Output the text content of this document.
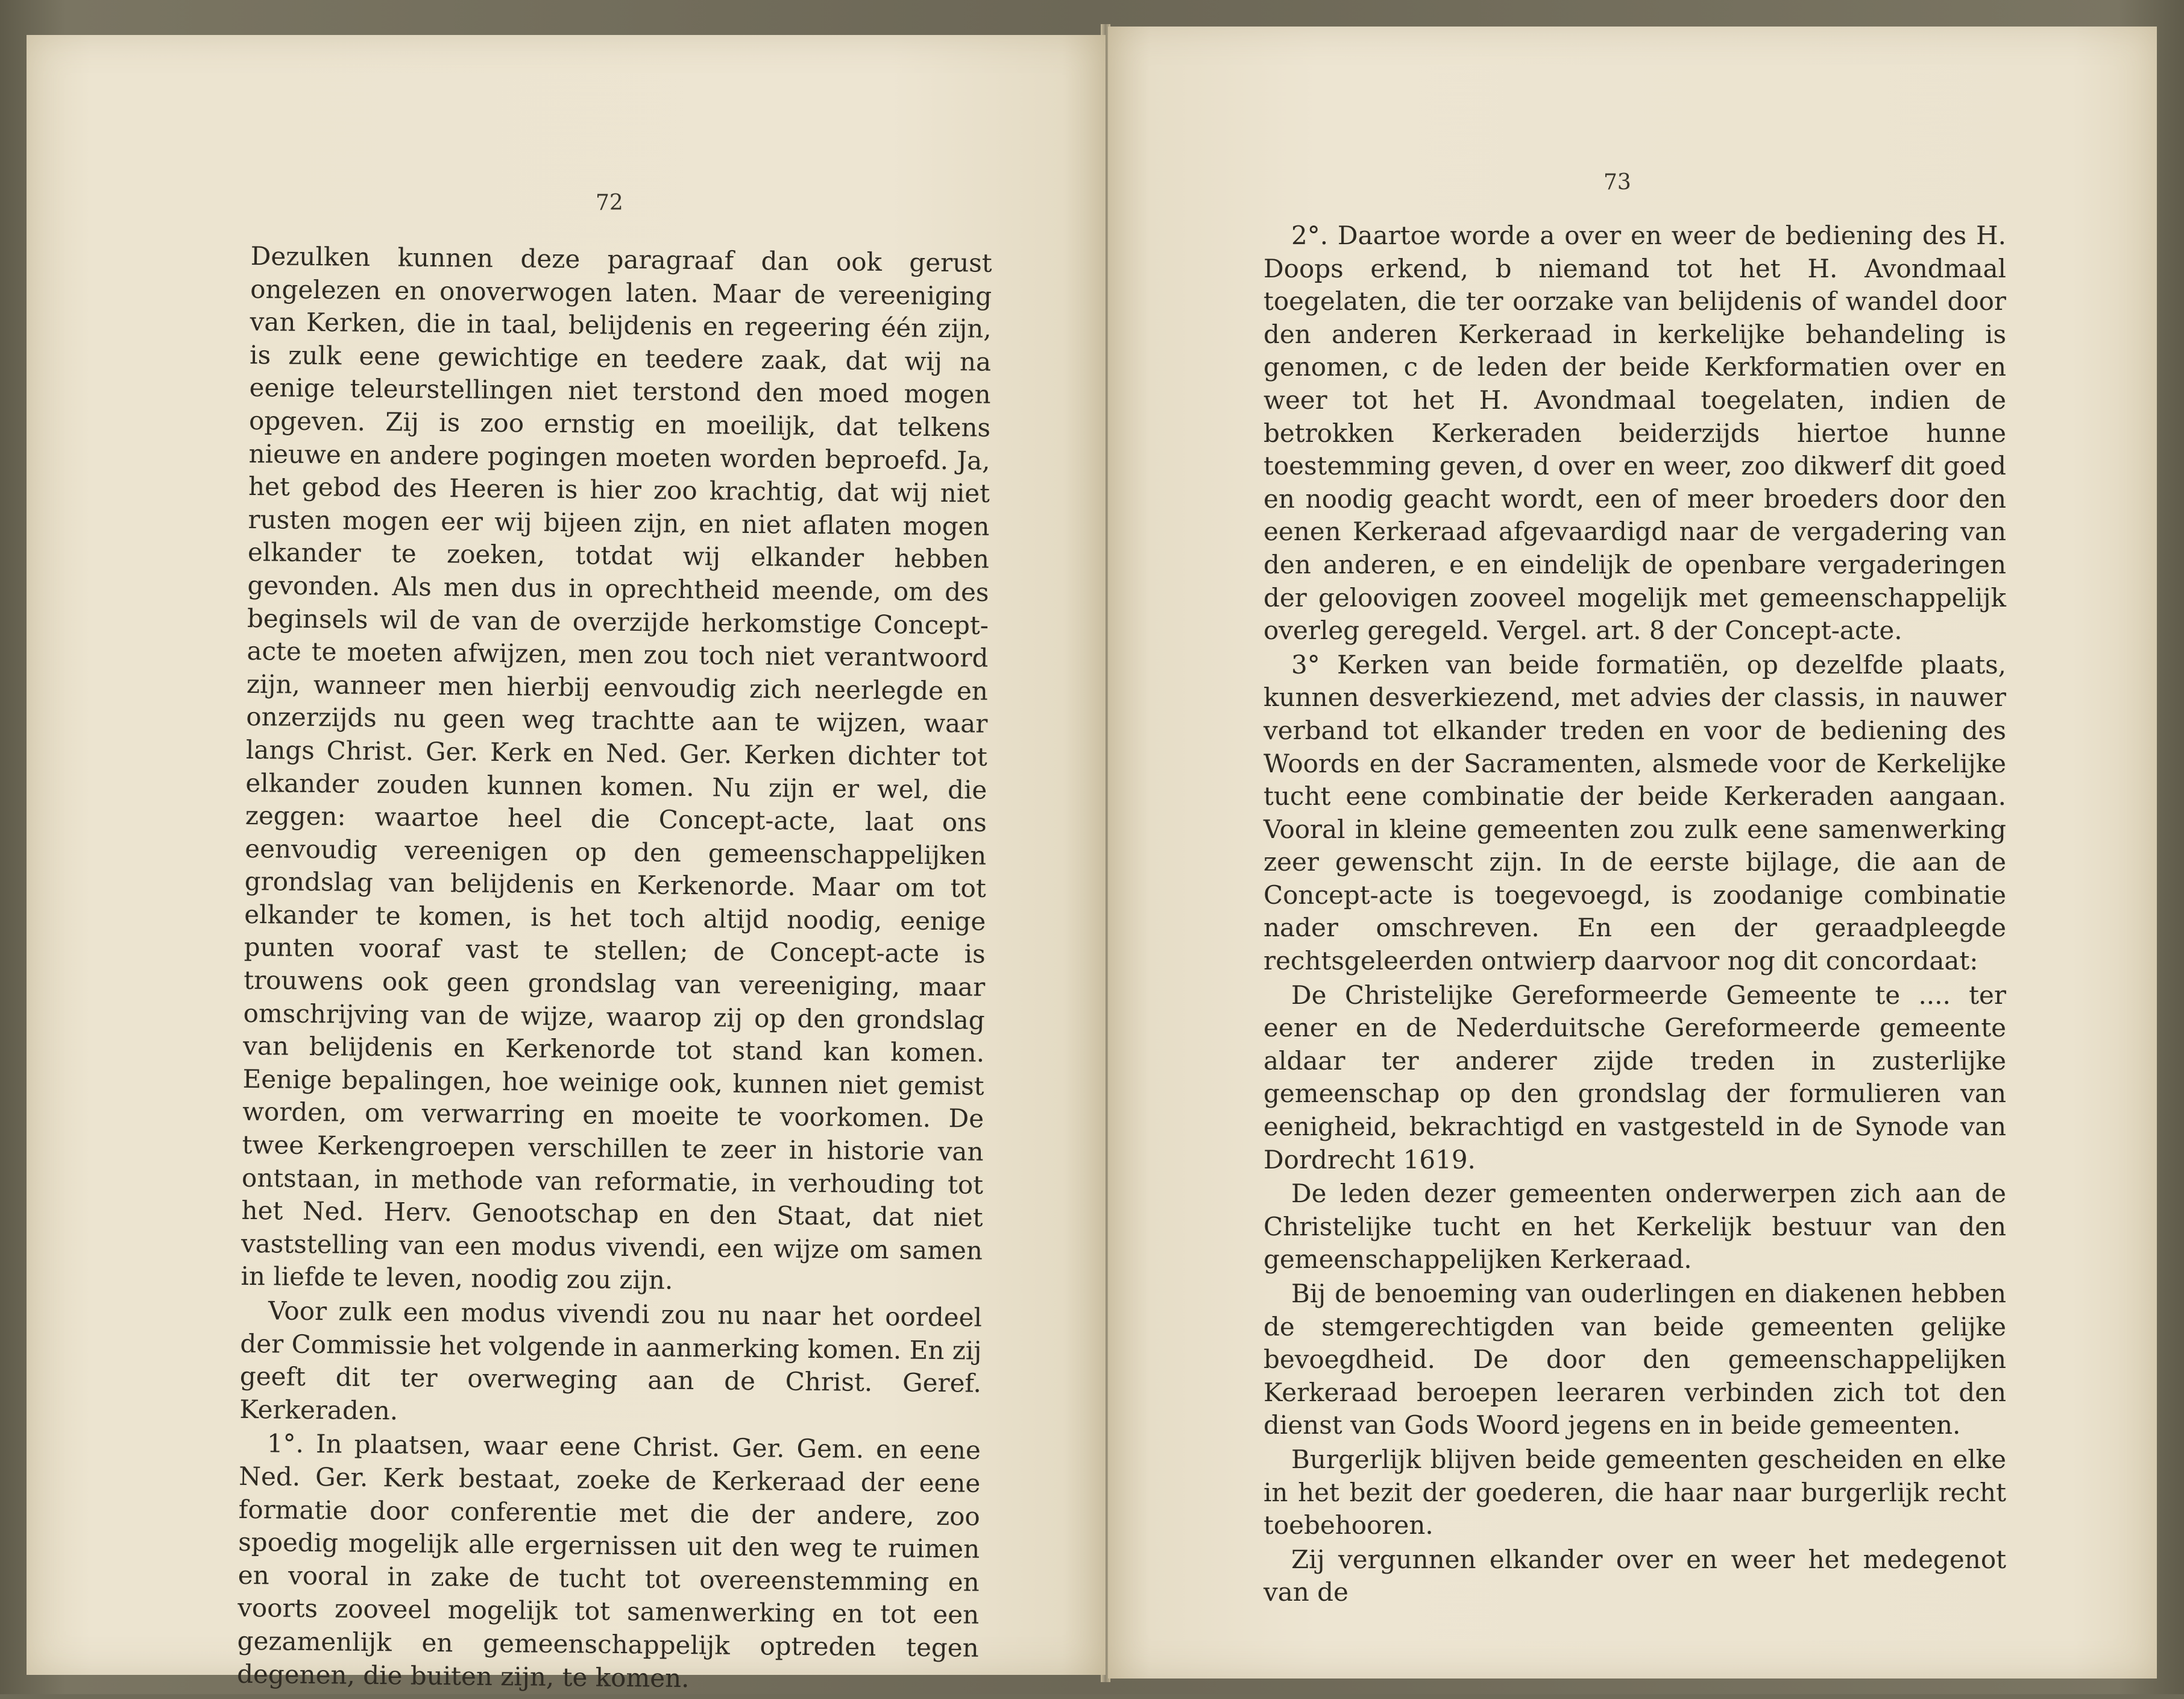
72

Dezulken kunnen deze paragraaf dan ook gerust ongelezen en onoverwogen laten. Maar de vereeniging van Kerken, die in taal, belijdenis en regeering één zijn, is zulk eene gewichtige en teedere zaak, dat wij na eenige teleurstellingen niet terstond den moed mogen opgeven. Zij is zoo ernstig en moeilijk, dat telkens nieuwe en andere pogingen moeten worden beproefd. Ja, het gebod des Heeren is hier zoo krachtig, dat wij niet rusten mogen eer wij bijeen zijn, en niet aflaten mogen elkander te zoeken, totdat wij elkander hebben gevonden. Als men dus in oprechtheid meende, om des beginsels wil de van de overzijde herkomstige Concept-acte te moeten afwijzen, men zou toch niet verantwoord zijn, wanneer men hierbij eenvoudig zich neerlegde en onzerzijds nu geen weg trachtte aan te wijzen, waar langs Christ. Ger. Kerk en Ned. Ger. Kerken dichter tot elkander zouden kunnen komen. Nu zijn er wel, die zeggen: waartoe heel die Concept-acte, laat ons eenvoudig vereenigen op den gemeenschappelijken grondslag van belijdenis en Kerkenorde. Maar om tot elkander te komen, is het toch altijd noodig, eenige punten vooraf vast te stellen; de Concept-acte is trouwens ook geen grondslag van vereeniging, maar omschrijving van de wijze, waarop zij op den grondslag van belijdenis en Kerkenorde tot stand kan komen. Eenige bepalingen, hoe weinige ook, kunnen niet gemist worden, om verwarring en moeite te voorkomen. De twee Kerkengroepen verschillen te zeer in historie van ontstaan, in methode van reformatie, in verhouding tot het Ned. Herv. Genootschap en den Staat, dat niet vaststelling van een modus vivendi, een wijze om samen in liefde te leven, noodig zou zijn.

Voor zulk een modus vivendi zou nu naar het oordeel der Commissie het volgende in aanmerking komen. En zij geeft dit ter overweging aan de Christ. Geref. Kerkeraden.

1°. In plaatsen, waar eene Christ. Ger. Gem. en eene Ned. Ger. Kerk bestaat, zoeke de Kerkeraad der eene formatie door conferentie met die der andere, zoo spoedig mogelijk alle ergernissen uit den weg te ruimen en vooral in zake de tucht tot overeenstemming en voorts zooveel mogelijk tot samenwerking en tot een gezamenlijk en gemeenschappelijk optreden tegen degenen, die buiten zijn, te komen.

73

2°. Daartoe worde a over en weer de bediening des H. Doops erkend, b niemand tot het H. Avondmaal toegelaten, die ter oorzake van belijdenis of wandel door den anderen Kerkeraad in kerkelijke behandeling is genomen, c de leden der beide Kerkformatien over en weer tot het H. Avondmaal toegelaten, indien de betrokken Kerkeraden beiderzijds hiertoe hunne toestemming geven, d over en weer, zoo dikwerf dit goed en noodig geacht wordt, een of meer broeders door den eenen Kerkeraad afgevaardigd naar de vergadering van den anderen, e en eindelijk de openbare vergaderingen der geloovigen zooveel mogelijk met gemeenschappelijk overleg geregeld. Vergel. art. 8 der Concept-acte.

3° Kerken van beide formatiën, op dezelfde plaats, kunnen desverkiezend, met advies der classis, in nauwer verband tot elkander treden en voor de bediening des Woords en der Sacramenten, alsmede voor de Kerkelijke tucht eene combinatie der beide Kerkeraden aangaan. Vooral in kleine gemeenten zou zulk eene samenwerking zeer gewenscht zijn. In de eerste bijlage, die aan de Concept-acte is toegevoegd, is zoodanige combinatie nader omschreven. En een der geraadpleegde rechtsgeleerden ontwierp daarvoor nog dit concordaat:

De Christelijke Gereformeerde Gemeente te .... ter eener en de Nederduitsche Gereformeerde gemeente aldaar ter anderer zijde treden in zusterlijke gemeenschap op den grondslag der formulieren van eenigheid, bekrachtigd en vastgesteld in de Synode van Dordrecht 1619.

De leden dezer gemeenten onderwerpen zich aan de Christelijke tucht en het Kerkelijk bestuur van den gemeenschappelijken Kerkeraad.

Bij de benoeming van ouderlingen en diakenen hebben de stemgerechtigden van beide gemeenten gelijke bevoegdheid. De door den gemeenschappelijken Kerkeraad beroepen leeraren verbinden zich tot den dienst van Gods Woord jegens en in beide gemeenten.

Burgerlijk blijven beide gemeenten gescheiden en elke in het bezit der goederen, die haar naar burgerlijk recht toebehooren.

Zij vergunnen elkander over en weer het medegenot van de
